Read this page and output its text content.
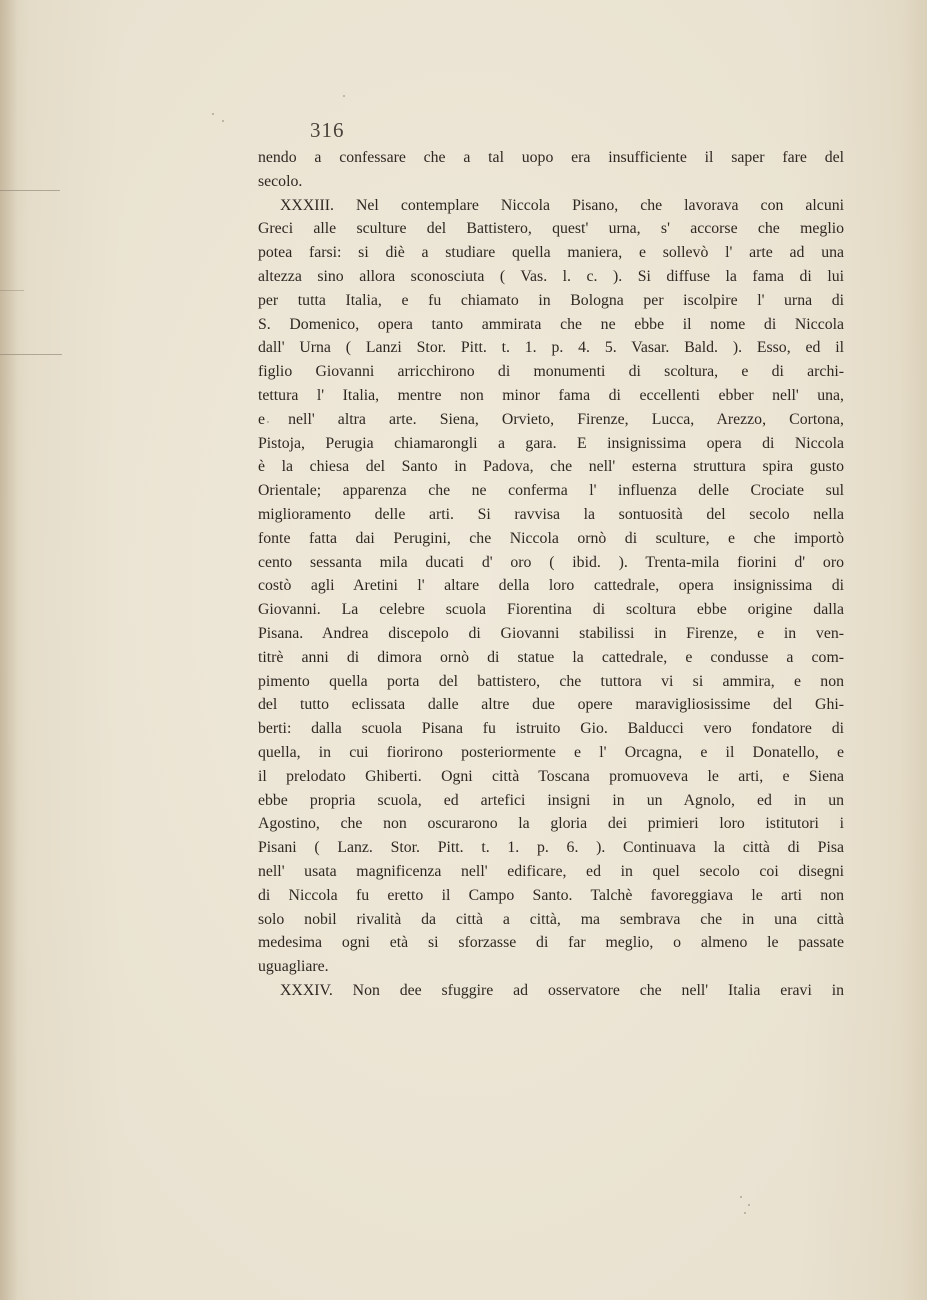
316
nendo a confessare che a tal uopo era insufficiente il saper fare del
secolo.
XXXIII. Nel contemplare Niccola Pisano, che lavorava con alcuni
Greci alle sculture del Battistero, quest' urna, s' accorse che meglio
potea farsi: si diè a studiare quella maniera, e sollevò l' arte ad una
altezza sino allora sconosciuta ( Vas. l. c. ). Si diffuse la fama di lui
per tutta Italia, e fu chiamato in Bologna per iscolpire l' urna di
S. Domenico, opera tanto ammirata che ne ebbe il nome di Niccola
dall' Urna ( Lanzi Stor. Pitt. t. 1. p. 4. 5. Vasar. Bald. ). Esso, ed il
figlio Giovanni arricchirono di monumenti di scoltura, e di archi-
tettura l' Italia, mentre non minor fama di eccellenti ebber nell' una,
e nell' altra arte. Siena, Orvieto, Firenze, Lucca, Arezzo, Cortona,
Pistoja, Perugia chiamarongli a gara. E insignissima opera di Niccola
è la chiesa del Santo in Padova, che nell' esterna struttura spira gusto
Orientale; apparenza che ne conferma l' influenza delle Crociate sul
miglioramento delle arti. Si ravvisa la sontuosità del secolo nella
fonte fatta dai Perugini, che Niccola ornò di sculture, e che importò
cento sessanta mila ducati d' oro ( ibid. ). Trenta-mila fiorini d' oro
costò agli Aretini l' altare della loro cattedrale, opera insignissima di
Giovanni. La celebre scuola Fiorentina di scoltura ebbe origine dalla
Pisana. Andrea discepolo di Giovanni stabilissi in Firenze, e in ven-
titrè anni di dimora ornò di statue la cattedrale, e condusse a com-
pimento quella porta del battistero, che tuttora vi si ammira, e non
del tutto eclissata dalle altre due opere maravigliosissime del Ghi-
berti: dalla scuola Pisana fu istruito Gio. Balducci vero fondatore di
quella, in cui fiorirono posteriormente e l' Orcagna, e il Donatello, e
il prelodato Ghiberti. Ogni città Toscana promuoveva le arti, e Siena
ebbe propria scuola, ed artefici insigni in un Agnolo, ed in un
Agostino, che non oscurarono la gloria dei primieri loro istitutori i
Pisani ( Lanz. Stor. Pitt. t. 1. p. 6. ). Continuava la città di Pisa
nell' usata magnificenza nell' edificare, ed in quel secolo coi disegni
di Niccola fu eretto il Campo Santo. Talchè favoreggiava le arti non
solo nobil rivalità da città a città, ma sembrava che in una città
medesima ogni età si sforzasse di far meglio, o almeno le passate
uguagliare.
XXXIV. Non dee sfuggire ad osservatore che nell' Italia eravi in
